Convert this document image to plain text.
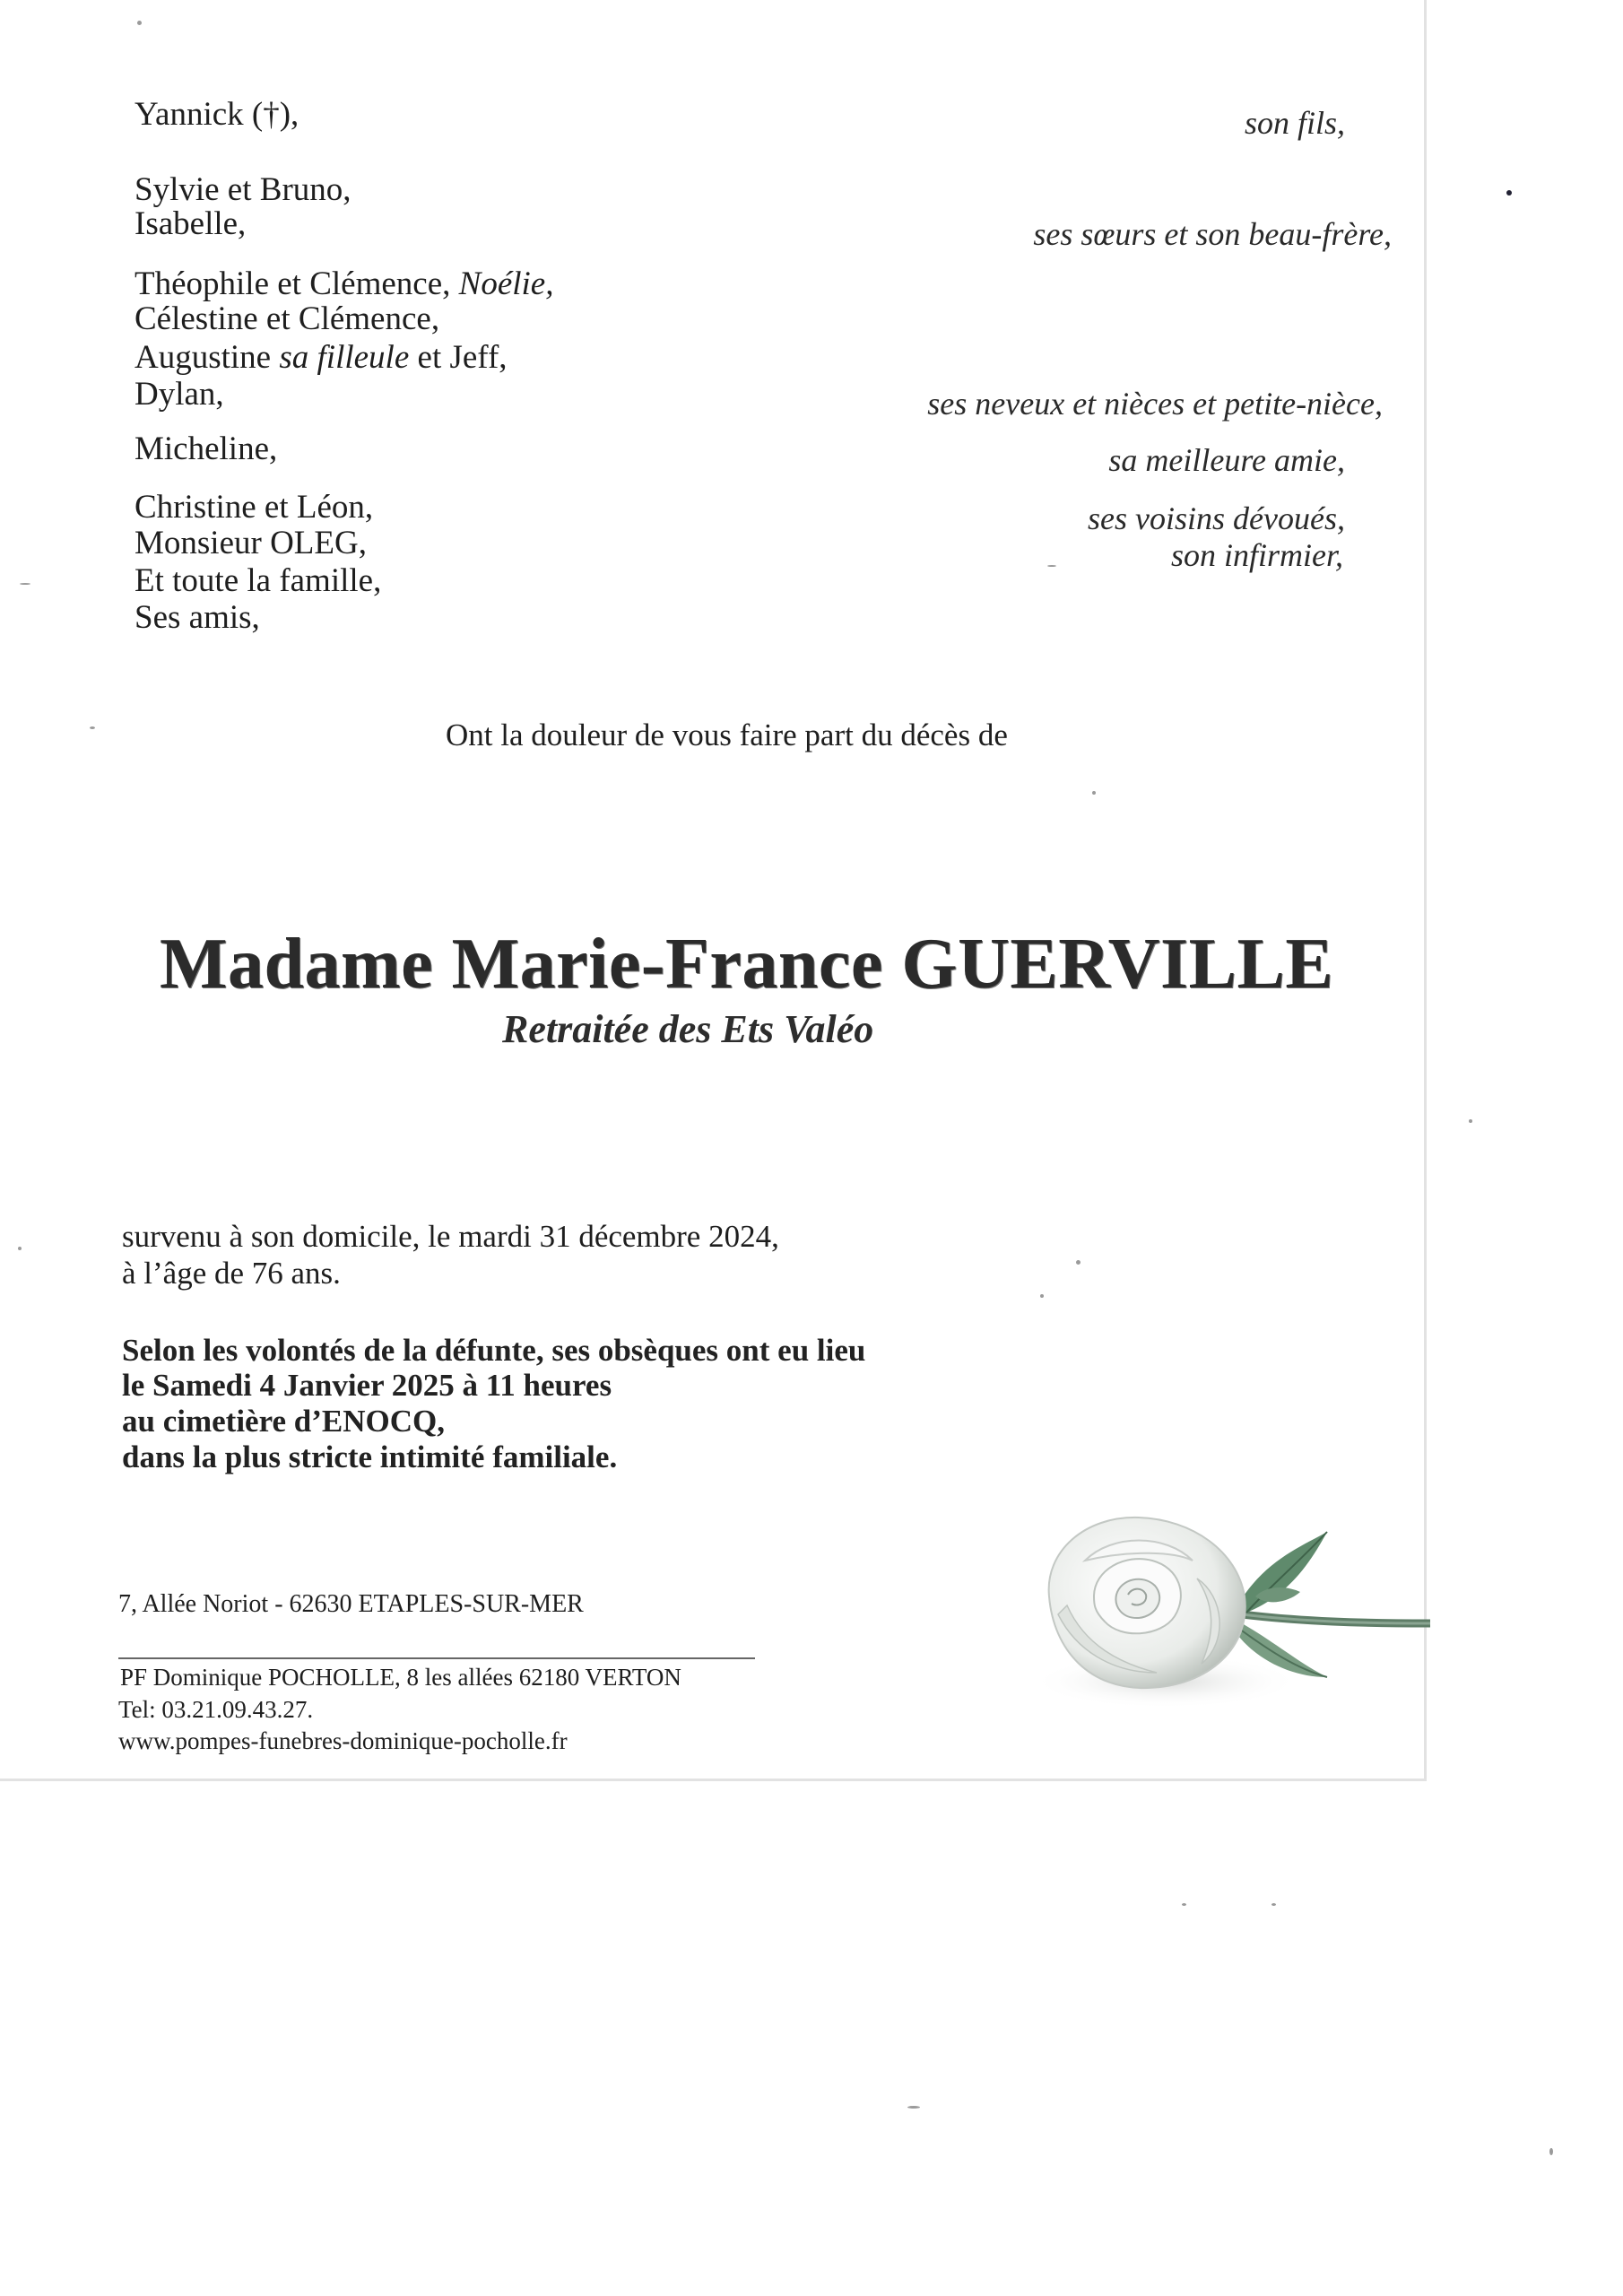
Yannick (†),
Sylvie et Bruno,
Isabelle,
Théophile et Clémence, Noélie,
Célestine et Clémence,
Augustine sa filleule et Jeff,
Dylan,
Micheline,
Christine et Léon,
Monsieur OLEG,
Et toute la famille,
Ses amis,
son fils,
ses sœurs et son beau-frère,
ses neveux et nièces et petite-nièce,
sa meilleure amie,
ses voisins dévoués,
son infirmier,
Ont la douleur de vous faire part du décès de
Madame Marie-France GUERVILLE
Retraitée des Ets Valéo
survenu à son domicile, le mardi 31 décembre 2024,
à l’âge de 76 ans.
Selon les volontés de la défunte, ses obsèques ont eu lieu
le Samedi 4 Janvier 2025 à 11 heures
au cimetière d’ENOCQ,
dans la plus stricte intimité familiale.
7, Allée Noriot - 62630 ETAPLES-SUR-MER
PF Dominique POCHOLLE, 8 les allées 62180 VERTON
Tel: 03.21.09.43.27.
www.pompes-funebres-dominique-pocholle.fr
